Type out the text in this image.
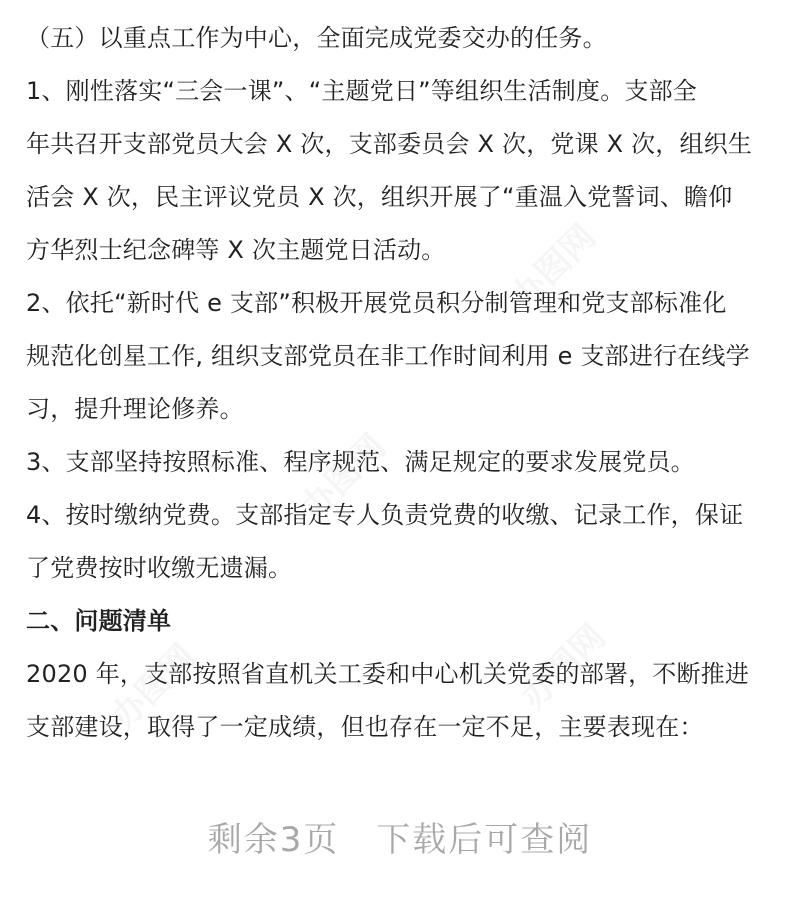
办图网
办图网
办图网
办图网
（五）以重点工作为中心，全面完成党委交办的任务。
1、刚性落实“三会一课”、“主题党日”等组织生活制度。支部全
年共召开支部党员大会 X 次，支部委员会 X 次，党课 X 次，组织生
活会 X 次，民主评议党员 X 次，组织开展了“重温入党誓词、瞻仰
方华烈士纪念碑等 X 次主题党日活动。
2、依托“新时代 e 支部”积极开展党员积分制管理和党支部标准化
规范化创星工作, 组织支部党员在非工作时间利用 e 支部进行在线学
习，提升理论修养。
3、支部坚持按照标准、程序规范、满足规定的要求发展党员。
4、按时缴纳党费。支部指定专人负责党费的收缴、记录工作，保证
了党费按时收缴无遗漏。
二、问题清单
2020 年，支部按照省直机关工委和中心机关党委的部署，不断推进
支部建设，取得了一定成绩，但也存在一定不足，主要表现在：
剩余3页 下载后可查阅
